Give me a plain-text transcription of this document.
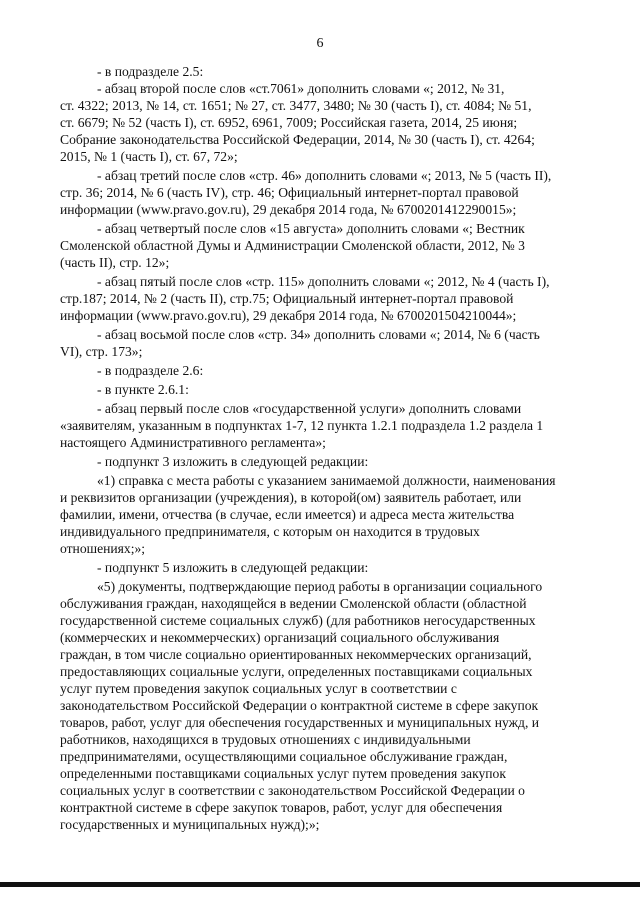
6
- в подразделе 2.5:
- абзац второй после слов «ст.7061» дополнить словами «; 2012, № 31,
ст. 4322; 2013, № 14, ст. 1651; № 27, ст. 3477, 3480; № 30 (часть I), ст. 4084; № 51,
ст. 6679; № 52 (часть I), ст. 6952, 6961, 7009; Российская газета, 2014, 25 июня;
Собрание законодательства Российской Федерации, 2014, № 30 (часть I), ст. 4264;
2015, № 1 (часть I), ст. 67, 72»;
- абзац третий после слов «стр. 46» дополнить словами «; 2013, № 5 (часть II),
стр. 36; 2014, № 6 (часть IV), стр. 46; Официальный интернет-портал правовой
информации (www.pravo.gov.ru), 29 декабря 2014 года, № 6700201412290015»;
- абзац четвертый после слов «15 августа» дополнить словами «; Вестник
Смоленской областной Думы и Администрации Смоленской области, 2012, № 3
(часть II), стр. 12»;
- абзац пятый после слов «стр. 115» дополнить словами «; 2012, № 4 (часть I),
стр.187; 2014, № 2 (часть II), стр.75; Официальный интернет-портал правовой
информации (www.pravo.gov.ru), 29 декабря 2014 года, № 6700201504210044»;
- абзац восьмой после слов «стр. 34» дополнить словами «; 2014, № 6 (часть
VI), стр. 173»;
- в подразделе 2.6:
- в пункте 2.6.1:
- абзац первый после слов «государственной услуги» дополнить словами
«заявителям, указанным в подпунктах 1-7, 12 пункта 1.2.1 подраздела 1.2 раздела 1
настоящего Административного регламента»;
- подпункт 3 изложить в следующей редакции:
«1) справка с места работы с указанием занимаемой должности, наименования
и реквизитов организации (учреждения), в которой(ом) заявитель работает, или
фамилии, имени, отчества (в случае, если имеется) и адреса места жительства
индивидуального предпринимателя, с которым он находится в трудовых
отношениях;»;
- подпункт 5 изложить в следующей редакции:
«5) документы, подтверждающие период работы в организации социального
обслуживания граждан, находящейся в ведении Смоленской области (областной
государственной системе социальных служб) (для работников негосударственных
(коммерческих и некоммерческих) организаций социального обслуживания
граждан, в том числе социально ориентированных некоммерческих организаций,
предоставляющих социальные услуги, определенных поставщиками социальных
услуг путем проведения закупок социальных услуг в соответствии с
законодательством Российской Федерации о контрактной системе в сфере закупок
товаров, работ, услуг для обеспечения государственных и муниципальных нужд, и
работников, находящихся в трудовых отношениях с индивидуальными
предпринимателями, осуществляющими социальное обслуживание граждан,
определенными поставщиками социальных услуг путем проведения закупок
социальных услуг в соответствии с законодательством Российской Федерации о
контрактной системе в сфере закупок товаров, работ, услуг для обеспечения
государственных и муниципальных нужд);»;
